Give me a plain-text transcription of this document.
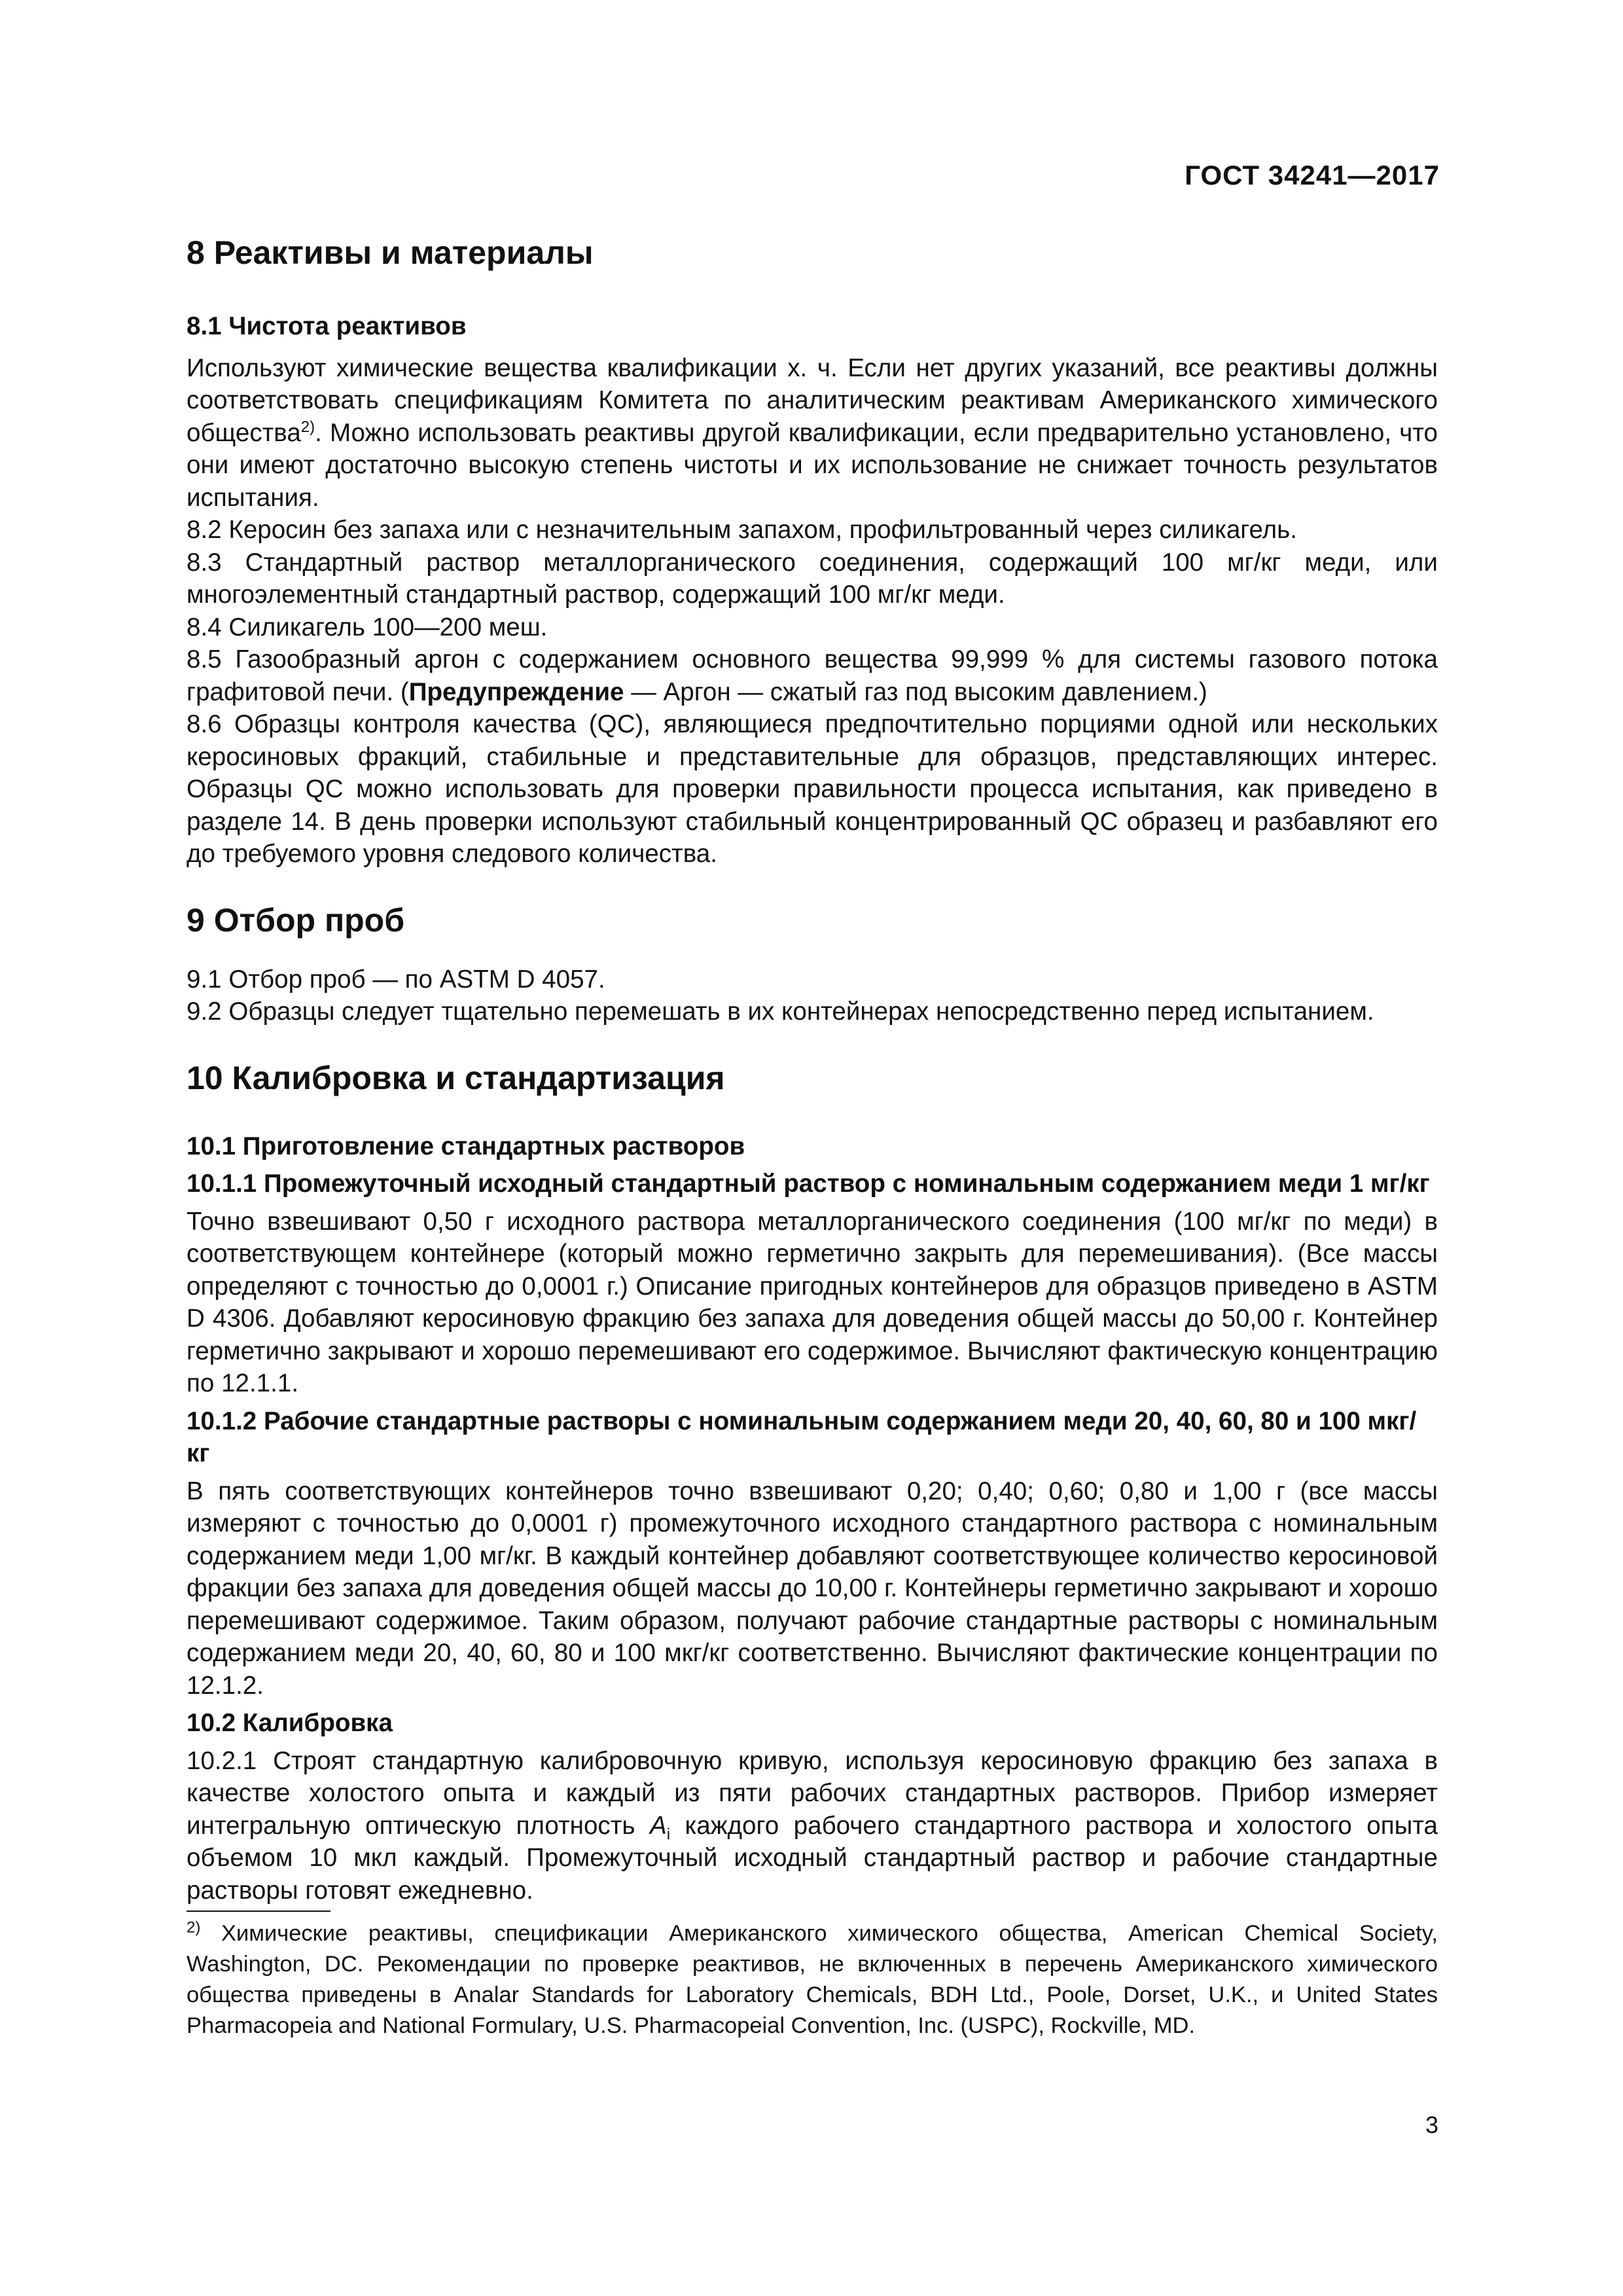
ГОСТ 34241—2017
8 Реактивы и материалы
8.1 Чистота реактивов

Используют химические вещества квалификации х. ч. Если нет других указаний, все реактивы должны соответствовать спецификациям Комитета по аналитическим реактивам Американского химического общества$^{2)}$. Можно использовать реактивы другой квалификации, если предварительно установлено, что они имеют достаточно высокую степень чистоты и их использование не снижает точность результатов испытания.

8.2 Керосин без запаха или с незначительным запахом, профильтрованный через силикагель.

8.3 Стандартный раствор металлорганического соединения, содержащий 100 мг/кг меди, или многоэлементный стандартный раствор, содержащий 100 мг/кг меди.

8.4 Силикагель 100—200 меш.

8.5 Газообразный аргон с содержанием основного вещества 99,999 % для системы газового потока графитовой печи. (Предупреждение — Аргон — сжатый газ под высоким давлением.)

8.6 Образцы контроля качества (QC), являющиеся предпочтительно порциями одной или нескольких керосиновых фракций, стабильные и представительные для образцов, представляющих интерес. Образцы QC можно использовать для проверки правильности процесса испытания, как приведено в разделе 14. В день проверки используют стабильный концентрированный QC образец и разбавляют его до требуемого уровня следового количества.

9 Отбор проб

9.1 Отбор проб — по ASTM D 4057.

9.2 Образцы следует тщательно перемешать в их контейнерах непосредственно перед испытанием.

10 Калибровка и стандартизация
10.1 Приготовление стандартных растворов
10.1.1 Промежуточный исходный стандартный раствор с номинальным содержанием меди 1 мг/кг

Точно взвешивают 0,50 г исходного раствора металлорганического соединения (100 мг/кг по меди) в соответствующем контейнере (который можно герметично закрыть для перемешивания). (Все массы определяют с точностью до 0,0001 г.) Описание пригодных контейнеров для образцов приведено в ASTM D 4306. Добавляют керосиновую фракцию без запаха для доведения общей массы до 50,00 г. Контейнер герметично закрывают и хорошо перемешивают его содержимое. Вычисляют фактическую концентрацию по 12.1.1.

10.1.2 Рабочие стандартные растворы с номинальным содержанием меди 20, 40, 60, 80 и 100 мкг/кг

В пять соответствующих контейнеров точно взвешивают 0,20; 0,40; 0,60; 0,80 и 1,00 г (все массы измеряют с точностью до 0,0001 г) промежуточного исходного стандартного раствора с номинальным содержанием меди 1,00 мг/кг. В каждый контейнер добавляют соответствующее количество керосиновой фракции без запаха для доведения общей массы до 10,00 г. Контейнеры герметично закрывают и хорошо перемешивают содержимое. Таким образом, получают рабочие стандартные растворы с номинальным содержанием меди 20, 40, 60, 80 и 100 мкг/кг соответственно. Вычисляют фактические концентрации по 12.1.2.

10.2 Калибровка

10.2.1 Строят стандартную калибровочную кривую, используя керосиновую фракцию без запаха в качестве холостого опыта и каждый из пяти рабочих стандартных растворов. Прибор измеряет интегральную оптическую плотность $A_i$ каждого рабочего стандартного раствора и холостого опыта объемом 10 мкл каждый. Промежуточный исходный стандартный раствор и рабочие стандартные растворы готовят ежедневно.

$^{2)}$ Химические реактивы, спецификации Американского химического общества, American Chemical Society, Washington, DC. Рекомендации по проверке реактивов, не включенных в перечень Американского химического общества приведены в Analar Standards for Laboratory Chemicals, BDH Ltd., Poole, Dorset, U.K., и United States Pharmacopeia and National Formulary, U.S. Pharmacopeial Convention, Inc. (USPC), Rockville, MD.

3
